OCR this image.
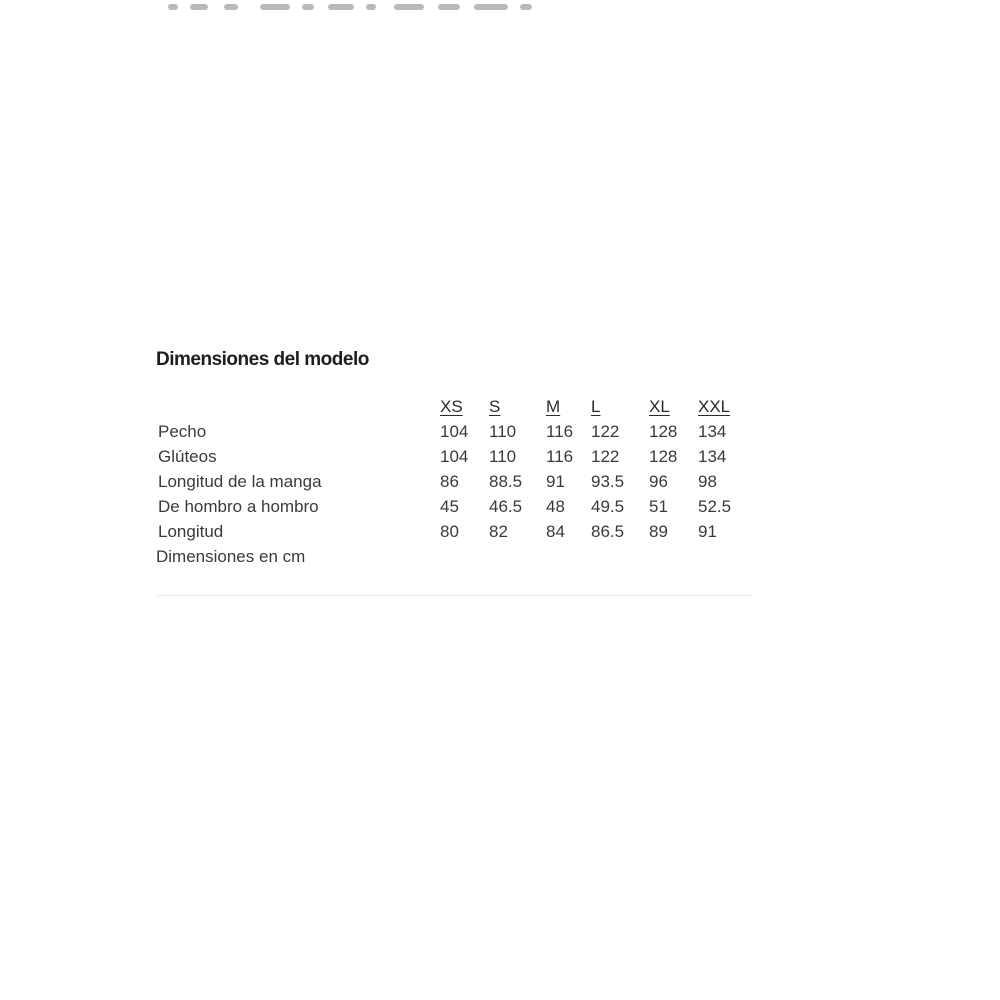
Dimensiones del modelo
	XS	S	M	L	XL	XXL
Pecho	104	110	116	122	128	134
Glúteos	104	110	116	122	128	134
Longitud de la manga	86	88.5	91	93.5	96	98
De hombro a hombro	45	46.5	48	49.5	51	52.5
Longitud	80	82	84	86.5	89	91
Dimensiones en cm
